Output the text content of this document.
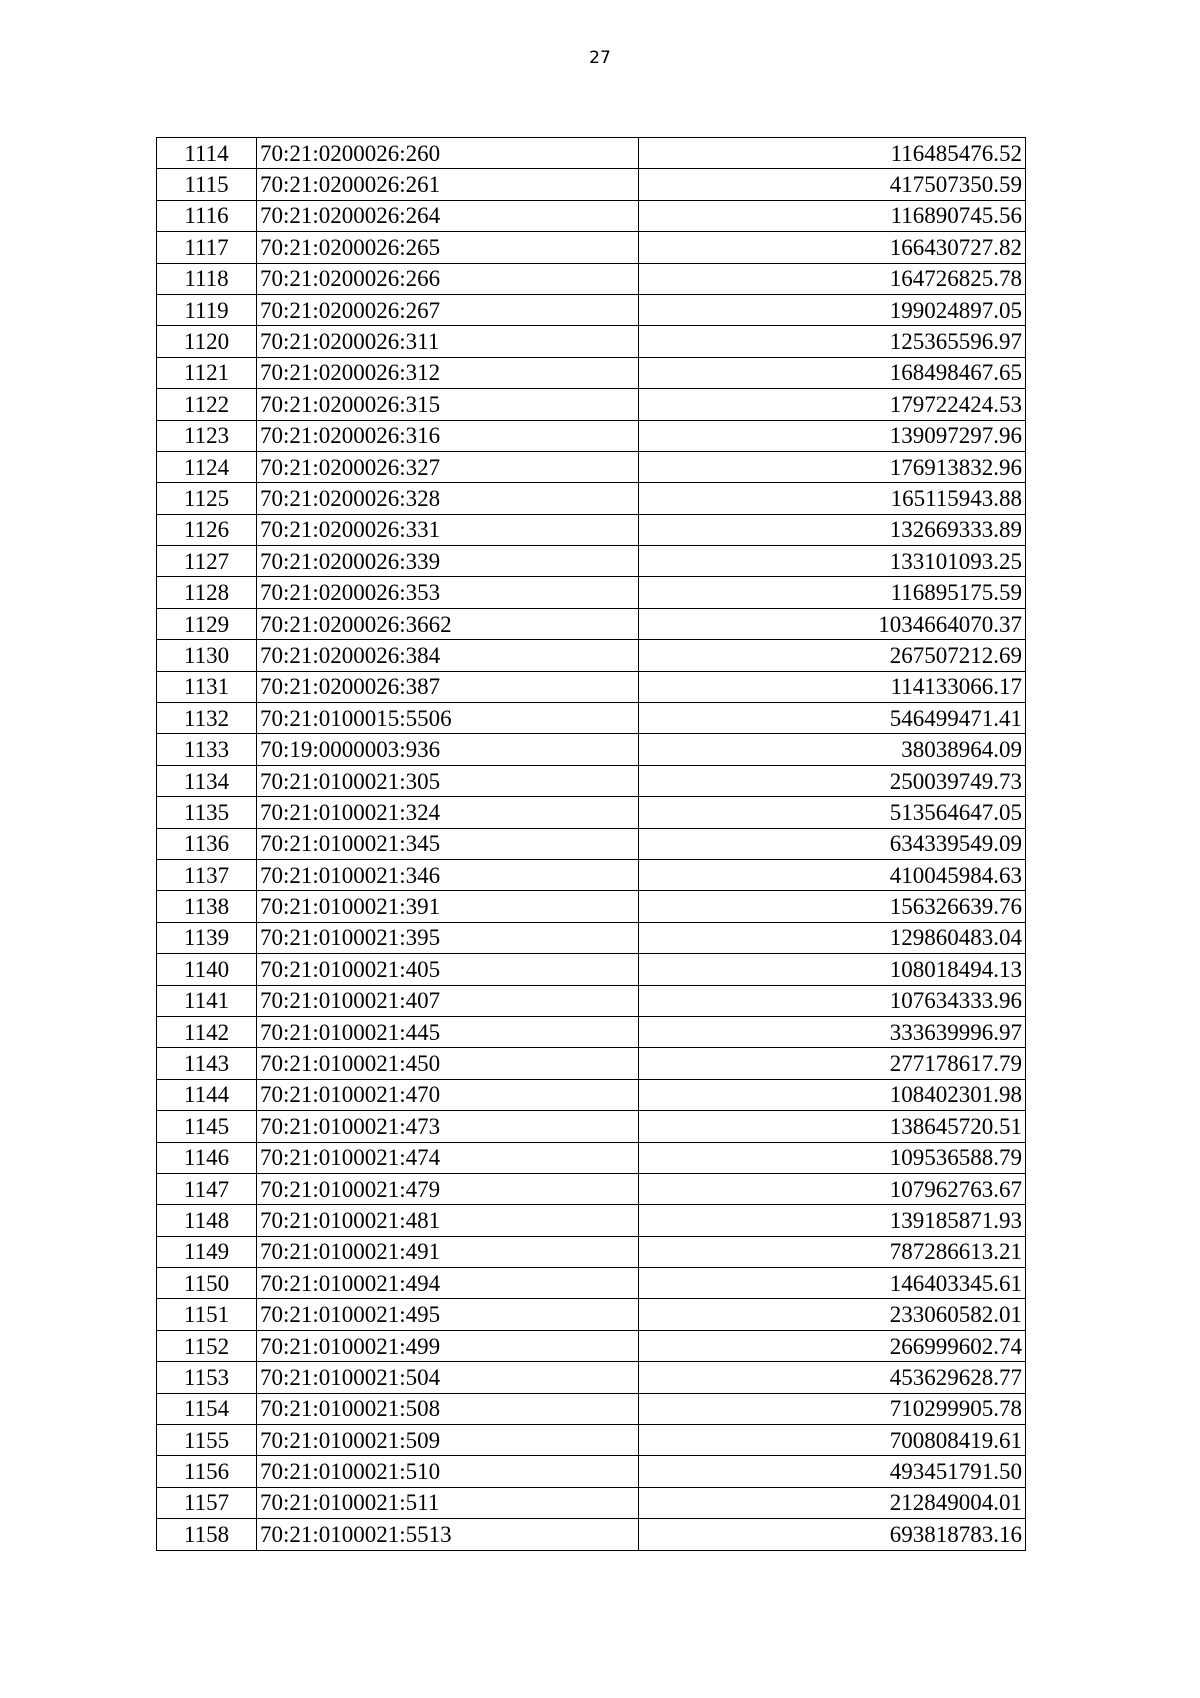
27
1114	70:21:0200026:260	116485476.52
1115	70:21:0200026:261	417507350.59
1116	70:21:0200026:264	116890745.56
1117	70:21:0200026:265	166430727.82
1118	70:21:0200026:266	164726825.78
1119	70:21:0200026:267	199024897.05
1120	70:21:0200026:311	125365596.97
1121	70:21:0200026:312	168498467.65
1122	70:21:0200026:315	179722424.53
1123	70:21:0200026:316	139097297.96
1124	70:21:0200026:327	176913832.96
1125	70:21:0200026:328	165115943.88
1126	70:21:0200026:331	132669333.89
1127	70:21:0200026:339	133101093.25
1128	70:21:0200026:353	116895175.59
1129	70:21:0200026:3662	1034664070.37
1130	70:21:0200026:384	267507212.69
1131	70:21:0200026:387	114133066.17
1132	70:21:0100015:5506	546499471.41
1133	70:19:0000003:936	38038964.09
1134	70:21:0100021:305	250039749.73
1135	70:21:0100021:324	513564647.05
1136	70:21:0100021:345	634339549.09
1137	70:21:0100021:346	410045984.63
1138	70:21:0100021:391	156326639.76
1139	70:21:0100021:395	129860483.04
1140	70:21:0100021:405	108018494.13
1141	70:21:0100021:407	107634333.96
1142	70:21:0100021:445	333639996.97
1143	70:21:0100021:450	277178617.79
1144	70:21:0100021:470	108402301.98
1145	70:21:0100021:473	138645720.51
1146	70:21:0100021:474	109536588.79
1147	70:21:0100021:479	107962763.67
1148	70:21:0100021:481	139185871.93
1149	70:21:0100021:491	787286613.21
1150	70:21:0100021:494	146403345.61
1151	70:21:0100021:495	233060582.01
1152	70:21:0100021:499	266999602.74
1153	70:21:0100021:504	453629628.77
1154	70:21:0100021:508	710299905.78
1155	70:21:0100021:509	700808419.61
1156	70:21:0100021:510	493451791.50
1157	70:21:0100021:511	212849004.01
1158	70:21:0100021:5513	693818783.16
